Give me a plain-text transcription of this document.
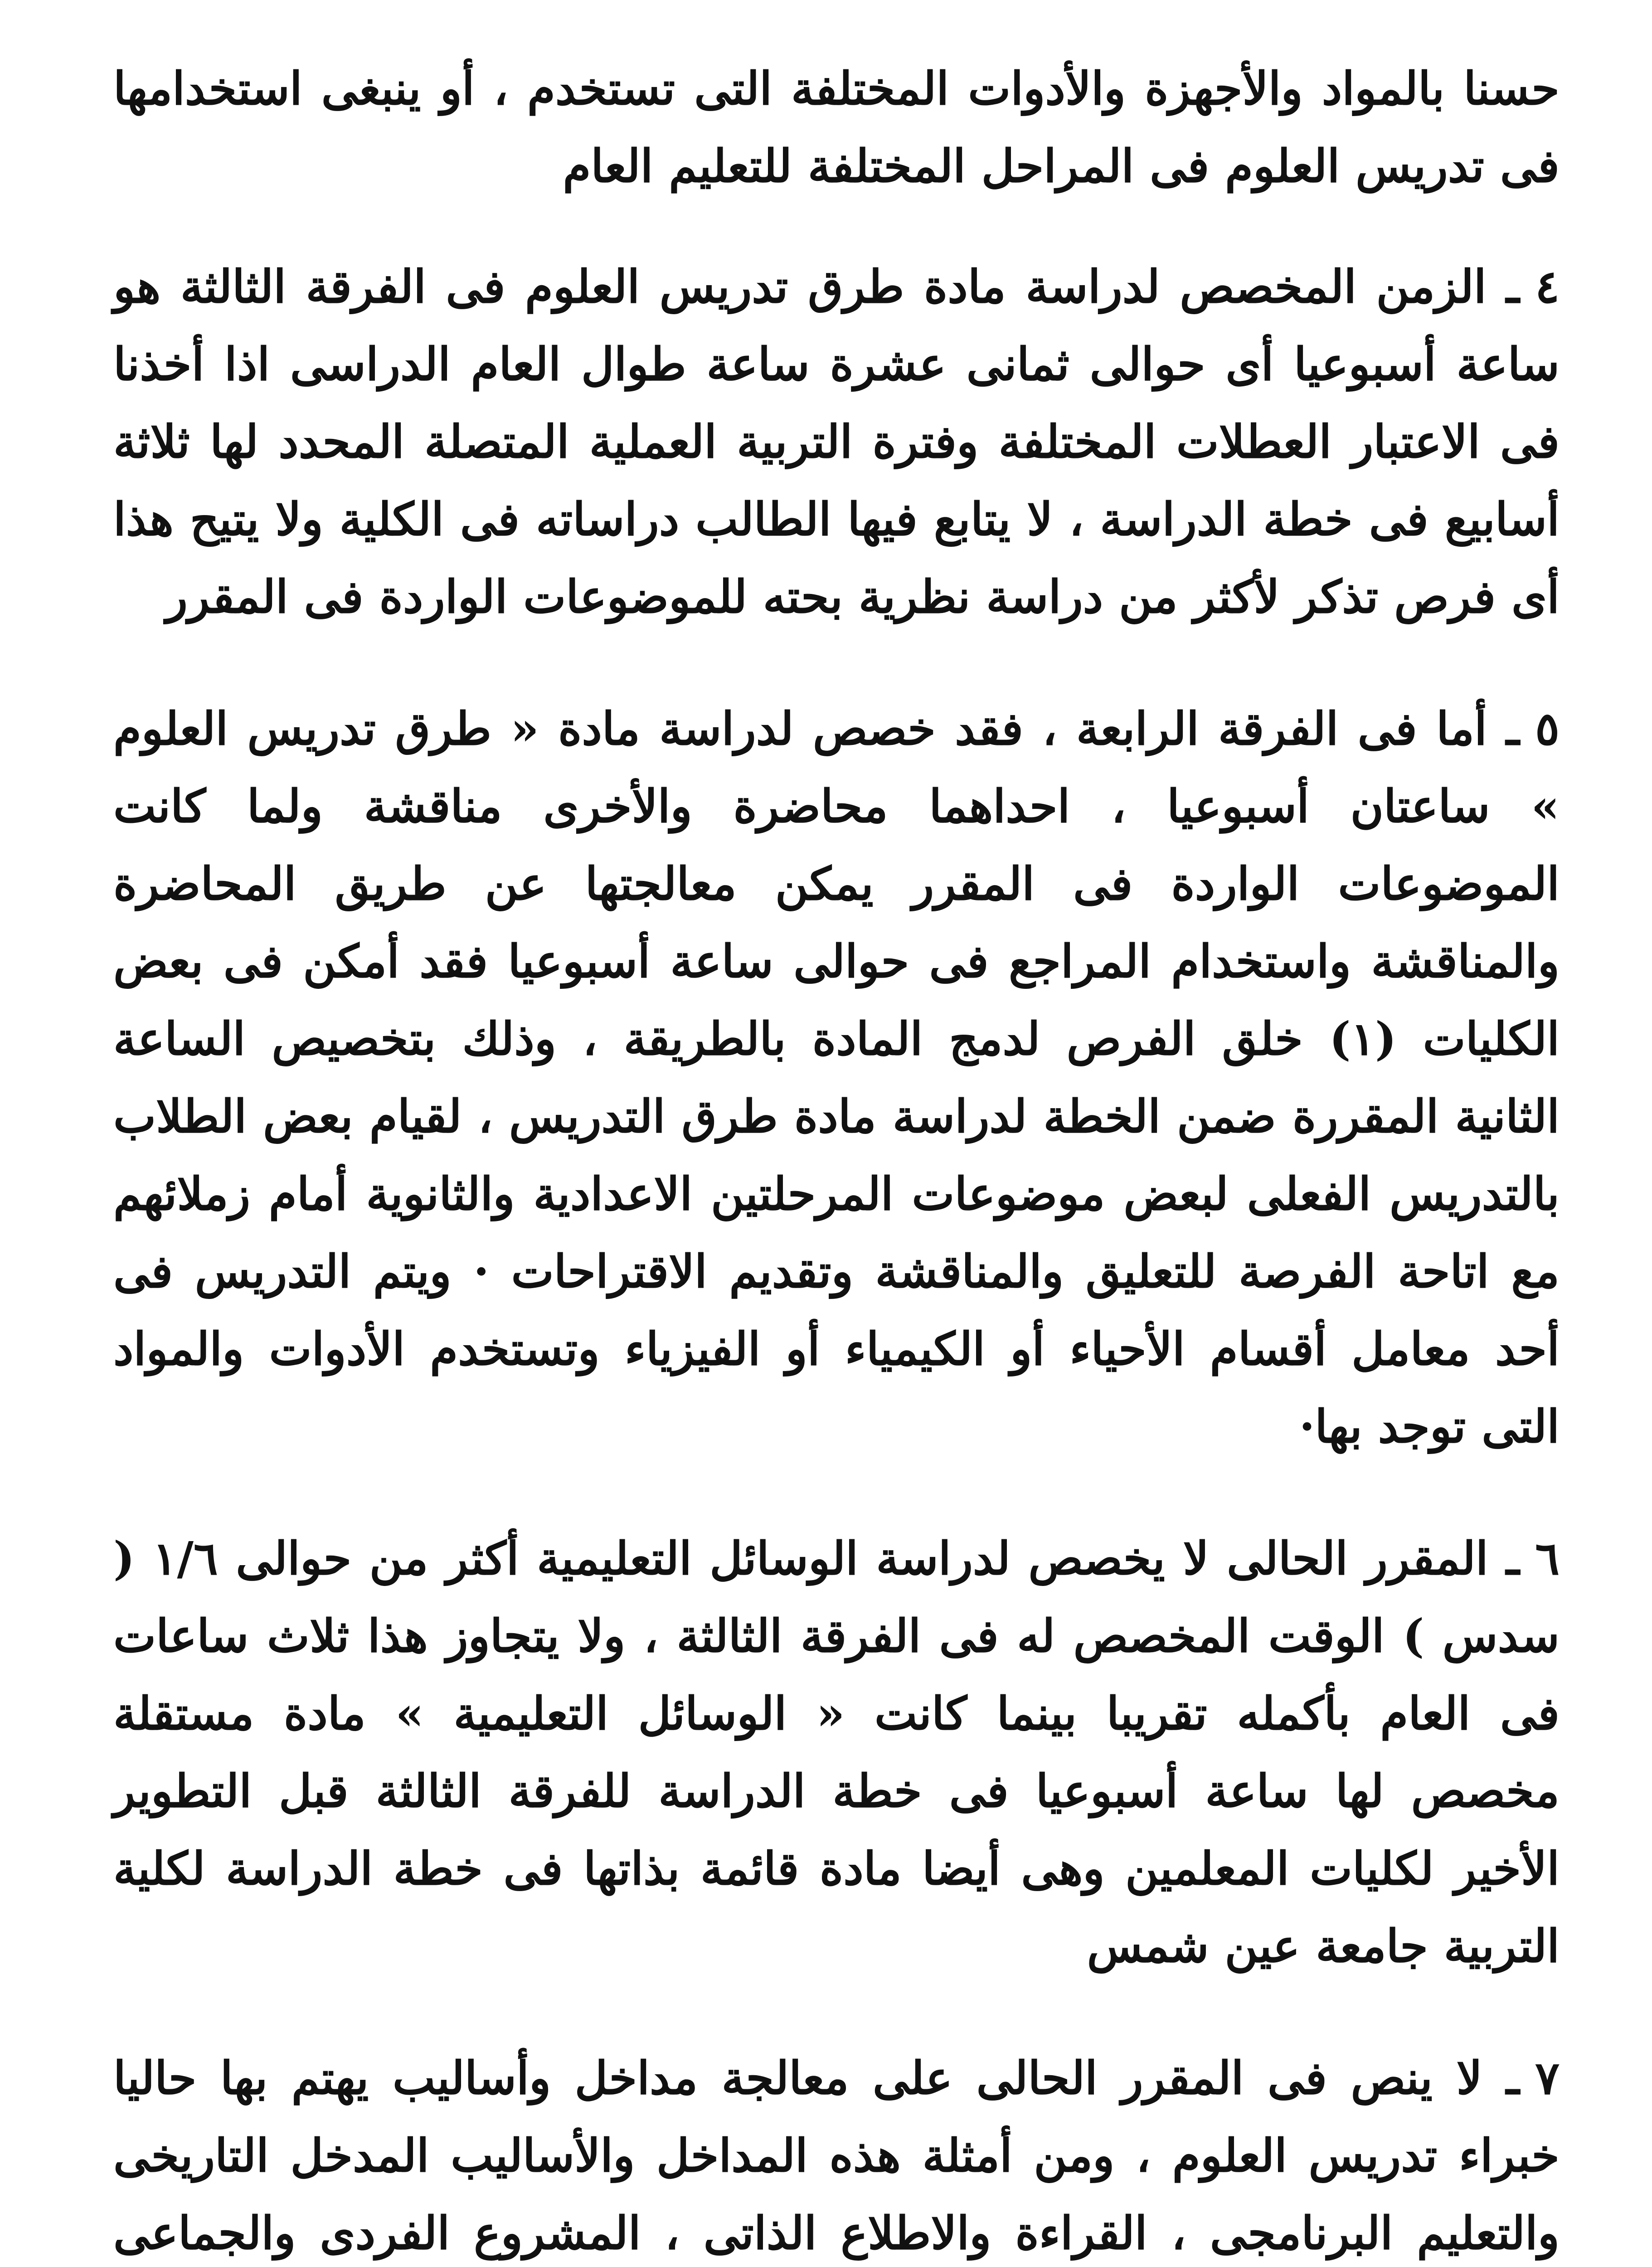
حسنا بالمواد والأجهزة والأدوات المختلفة التى تستخدم ، أو ينبغى استخدامها فى تدريس العلوم فى المراحل المختلفة للتعليم العام

٤ ـ الزمن المخصص لدراسة مادة طرق تدريس العلوم فى الفرقة الثالثة هو ساعة أسبوعيا أى حوالى ثمانى عشرة ساعة طوال العام الدراسى اذا أخذنا فى الاعتبار العطلات المختلفة وفترة التربية العملية المتصلة المحدد لها ثلاثة أسابيع فى خطة الدراسة ، لا يتابع فيها الطالب دراساته فى الكلية ولا يتيح هذا أى فرص تذكر لأكثر من دراسة نظرية بحته للموضوعات الواردة فى المقرر

٥ ـ أما فى الفرقة الرابعة ، فقد خصص لدراسة مادة « طرق تدريس العلوم » ساعتان أسبوعيا ، احداهما محاضرة والأخرى مناقشة ولما كانت الموضوعات الواردة فى المقرر يمكن معالجتها عن طريق المحاضرة والمناقشة واستخدام المراجع فى حوالى ساعة أسبوعيا فقد أمكن فى بعض الكليات (١) خلق الفرص لدمج المادة بالطريقة ، وذلك بتخصيص الساعة الثانية المقررة ضمن الخطة لدراسة مادة طرق التدريس ، لقيام بعض الطلاب بالتدريس الفعلى لبعض موضوعات المرحلتين الاعدادية والثانوية أمام زملائهم مع اتاحة الفرصة للتعليق والمناقشة وتقديم الاقتراحات · ويتم التدريس فى أحد معامل أقسام الأحياء أو الكيمياء أو الفيزياء وتستخدم الأدوات والمواد التى توجد بها·

٦ ـ المقرر الحالى لا يخصص لدراسة الوسائل التعليمية أكثر من حوالى ١/٦ ( سدس ) الوقت المخصص له فى الفرقة الثالثة ، ولا يتجاوز هذا ثلاث ساعات فى العام بأكمله تقريبا بينما كانت « الوسائل التعليمية » مادة مستقلة مخصص لها ساعة أسبوعيا فى خطة الدراسة للفرقة الثالثة قبل التطوير الأخير لكليات المعلمين وهى أيضا مادة قائمة بذاتها فى خطة الدراسة لكلية التربية جامعة عين شمس

٧ ـ لا ينص فى المقرر الحالى على معالجة مداخل وأساليب يهتم بها حاليا خبراء تدريس العلوم ، ومن أمثلة هذه المداخل والأساليب المدخل التاريخى والتعليم البرنامجى ، القراءة والاطلاع الذاتى ، المشروع الفردى والجماعى
